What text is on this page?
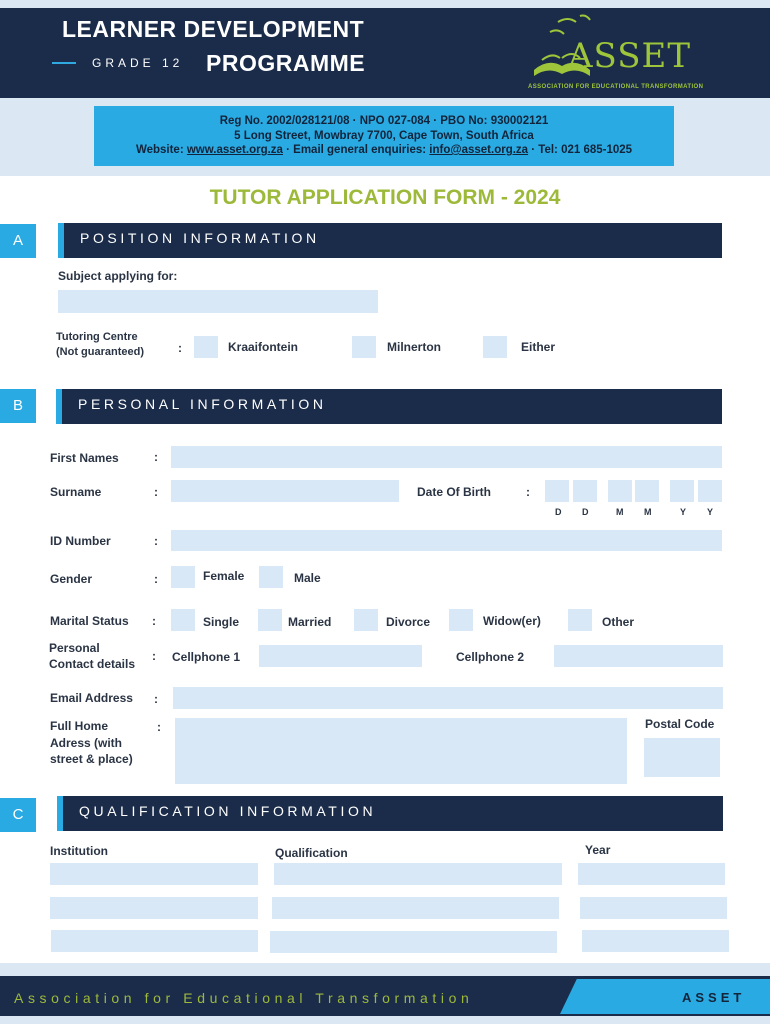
LEARNER DEVELOPMENT
GRADE 12 PROGRAMME	ASSET
ASSOCIATION FOR EDUCATIONAL TRANSFORMATION
Reg No. 2002/028121/08 · NPO 027-084 · PBO No: 930002121
5 Long Street, Mowbray 7700, Cape Town, South Africa
Website: www.asset.org.za · Email general enquiries: info@asset.org.za · Tel: 021 685-1025
TUTOR APPLICATION FORM - 2024
A	POSITION INFORMATION
Subject applying for:
Tutoring Centre
(Not guaranteed)	:	Kraaifontein	Milnerton	Either
B	PERSONAL INFORMATION
First Names	:
Surname	:	Date Of Birth	:
D D	M M	Y Y
ID Number	:
Gender	:	Female	Male
Marital Status :	Single	Married	Divorce	Widow(er)	Other
Personal
Contact details
: Cellphone 1	Cellphone 2
Email Address :
Full Home
Adress (with
street & place)
:	Postal Code
C	QUALIFICATION INFORMATION
Institution	Qualification	Year
Association for Educational Transformation	ASSET
